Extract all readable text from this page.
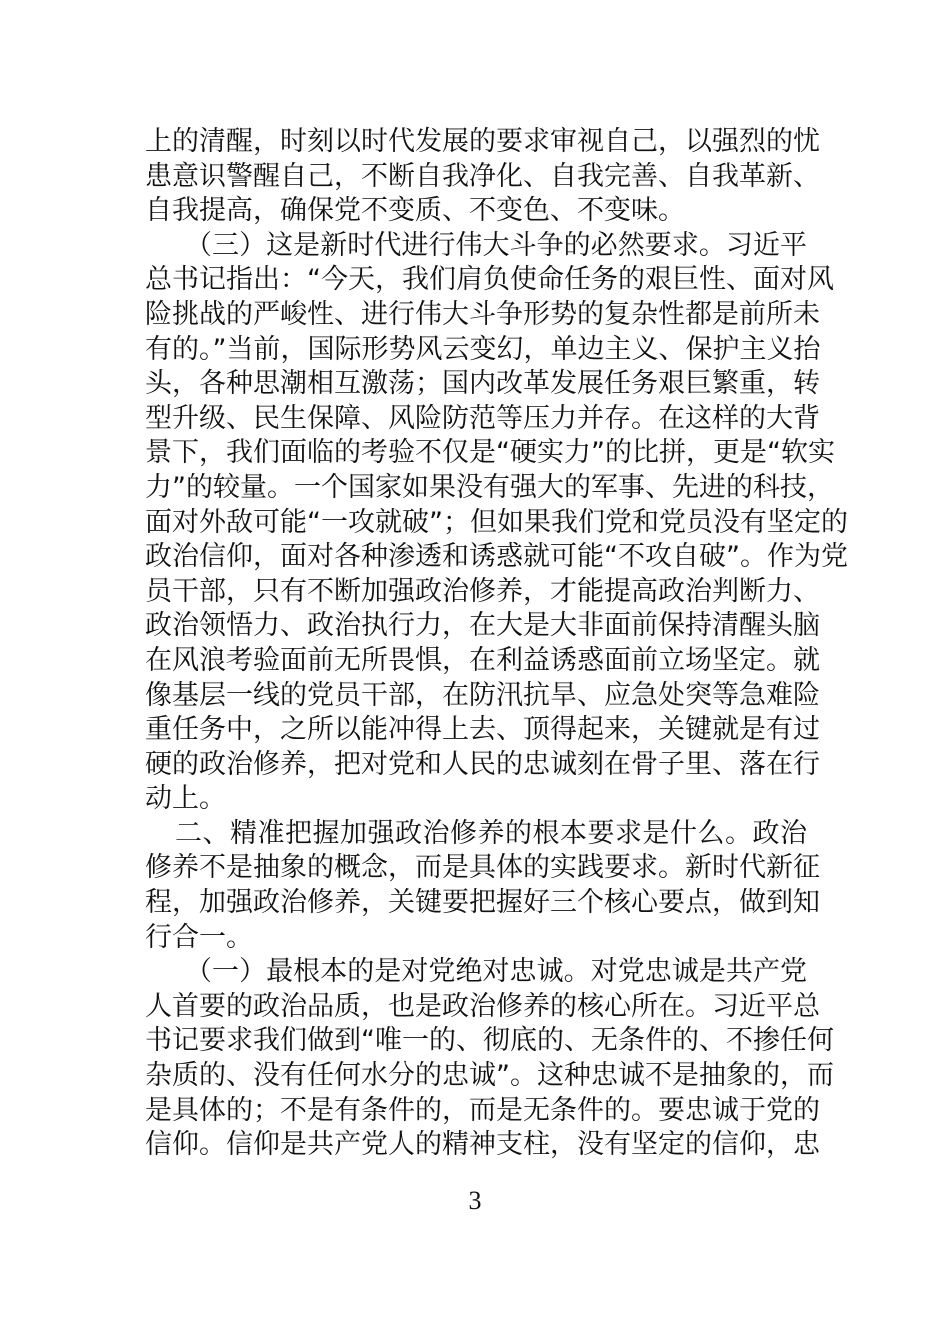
上的清醒，时刻以时代发展的要求审视自己，以强烈的忧
患意识警醒自己，不断自我净化、自我完善、自我革新、
自我提高，确保党不变质、不变色、不变味。
（三）这是新时代进行伟大斗争的必然要求。习近平
总书记指出：“今天，我们肩负使命任务的艰巨性、面对风
险挑战的严峻性、进行伟大斗争形势的复杂性都是前所未
有的。”当前，国际形势风云变幻，单边主义、保护主义抬
头，各种思潮相互激荡；国内改革发展任务艰巨繁重，转
型升级、民生保障、风险防范等压力并存。在这样的大背
景下，我们面临的考验不仅是“硬实力”的比拼，更是“软实
力”的较量。一个国家如果没有强大的军事、先进的科技，
面对外敌可能“一攻就破”；但如果我们党和党员没有坚定的
政治信仰，面对各种渗透和诱惑就可能“不攻自破”。作为党
员干部，只有不断加强政治修养，才能提高政治判断力、
政治领悟力、政治执行力，在大是大非面前保持清醒头脑
在风浪考验面前无所畏惧，在利益诱惑面前立场坚定。就
像基层一线的党员干部，在防汛抗旱、应急处突等急难险
重任务中，之所以能冲得上去、顶得起来，关键就是有过
硬的政治修养，把对党和人民的忠诚刻在骨子里、落在行
动上。
二、精准把握加强政治修养的根本要求是什么。政治
修养不是抽象的概念，而是具体的实践要求。新时代新征
程，加强政治修养，关键要把握好三个核心要点，做到知
行合一。
（一）最根本的是对党绝对忠诚。对党忠诚是共产党
人首要的政治品质，也是政治修养的核心所在。习近平总
书记要求我们做到“唯一的、彻底的、无条件的、不掺任何
杂质的、没有任何水分的忠诚”。这种忠诚不是抽象的，而
是具体的；不是有条件的，而是无条件的。要忠诚于党的
信仰。信仰是共产党人的精神支柱，没有坚定的信仰，忠
3
